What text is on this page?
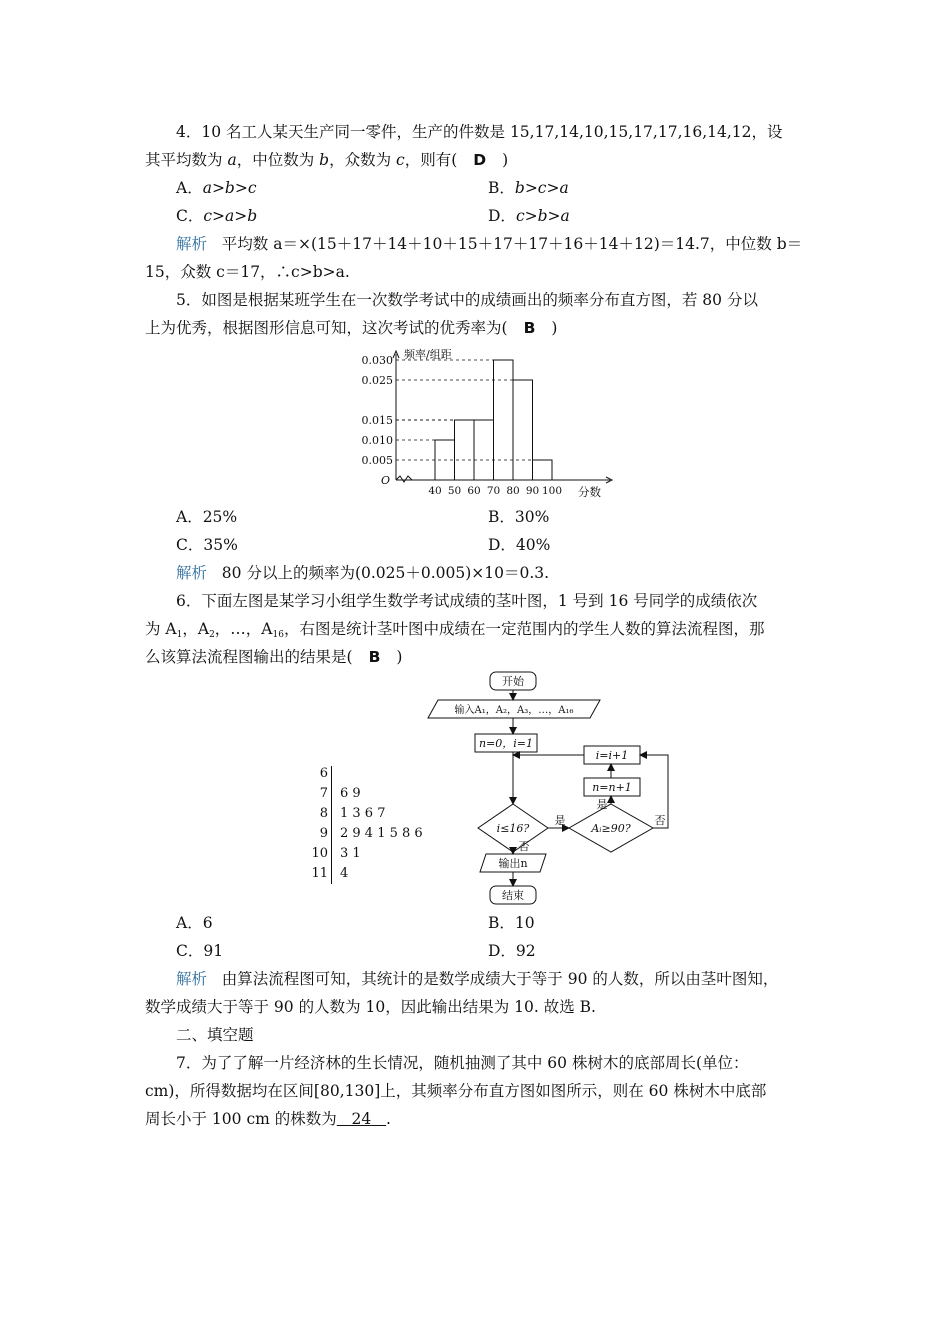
4．10 名工人某天生产同一零件，生产的件数是 15,17,14,10,15,17,17,16,14,12，设
其平均数为 a，中位数为 b，众数为 c，则有( D )
A．a>b>c	B．b>c>a
C．c>a>b	D．c>b>a
解析 平均数 a＝×(15＋17＋14＋10＋15＋17＋17＋16＋14＋12)＝14.7，中位数 b＝
15，众数 c＝17，∴c>b>a.
5．如图是根据某班学生在一次数学考试中的成绩画出的频率分布直方图，若 80 分以
上为优秀，根据图形信息可知，这次考试的优秀率为( B )
0.005
0.010
0.015
0.025
0.030
40 50 60 70 80 90 100
O
频率/组距
分数
A．25%	B．30%
C．35%	D．40%
解析 80 分以上的频率为(0.025＋0.005)×10＝0.3.
6．下面左图是某学习小组学生数学考试成绩的茎叶图，1 号到 16 号同学的成绩依次
为 $A_1$，$A_2$，…，$A_{16}$，右图是统计茎叶图中成绩在一定范围内的学生人数的算法流程图，那
么该算法流程图输出的结果是( B )
6
7 6 9
8 1 3 6 7
9 2 9 4 1 5 8 6
10 3 1
11 4
开始
输入A₁，A₂，A₃，…，A₁₆
n=0，i=1
i≤16?	Aᵢ≥90?
n=n+1
i=i+1
是
是
否
否
输出n
结束
A．6	B．10
C．91	D．92
解析 由算法流程图可知，其统计的是数学成绩大于等于 90 的人数，所以由茎叶图知，
数学成绩大于等于 90 的人数为 10，因此输出结果为 10. 故选 B.
二、填空题
7．为了了解一片经济林的生长情况，随机抽测了其中 60 株树木的底部周长(单位：
cm)，所得数据均在区间[80,130]上，其频率分布直方图如图所示，则在 60 株树木中底部
周长小于 100 cm 的株数为 24 .
